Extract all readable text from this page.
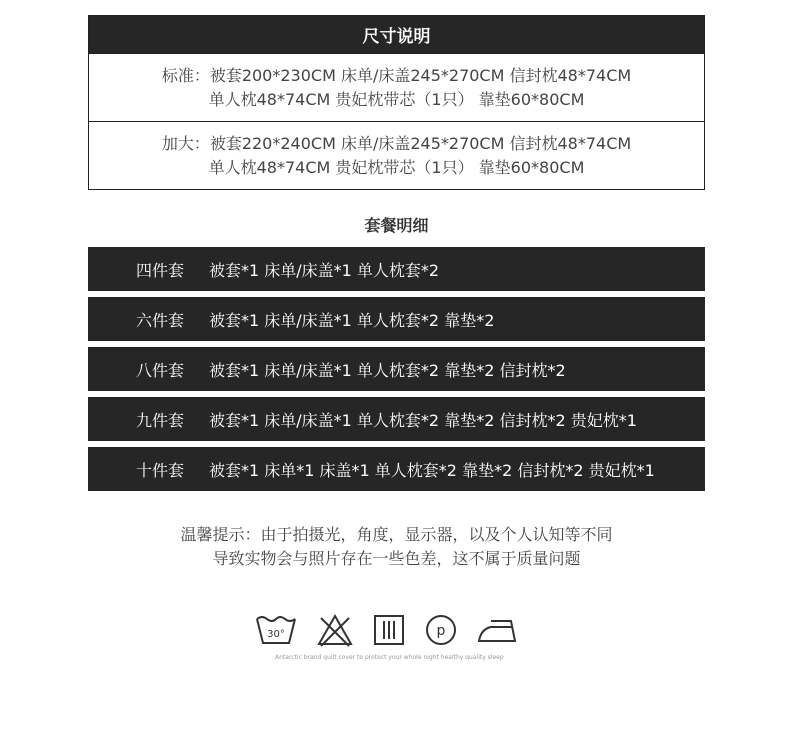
尺寸说明
标准：被套200*230CM 床单/床盖245*270CM 信封枕48*74CM
单人枕48*74CM 贵妃枕带芯（1只） 靠垫60*80CM
加大：被套220*240CM 床单/床盖245*270CM 信封枕48*74CM
单人枕48*74CM 贵妃枕带芯（1只） 靠垫60*80CM
套餐明细
四件套	被套*1 床单/床盖*1 单人枕套*2
六件套	被套*1 床单/床盖*1 单人枕套*2 靠垫*2
八件套	被套*1 床单/床盖*1 单人枕套*2 靠垫*2 信封枕*2
九件套	被套*1 床单/床盖*1 单人枕套*2 靠垫*2 信封枕*2 贵妃枕*1
十件套	被套*1 床单*1 床盖*1 单人枕套*2 靠垫*2 信封枕*2 贵妃枕*1
温馨提示：由于拍摄光，角度，显示器，以及个人认知等不同
导致实物会与照片存在一些色差，这不属于质量问题
30°	p
Antarctic brand quilt cover to protect your whole night healthy quality sleep
